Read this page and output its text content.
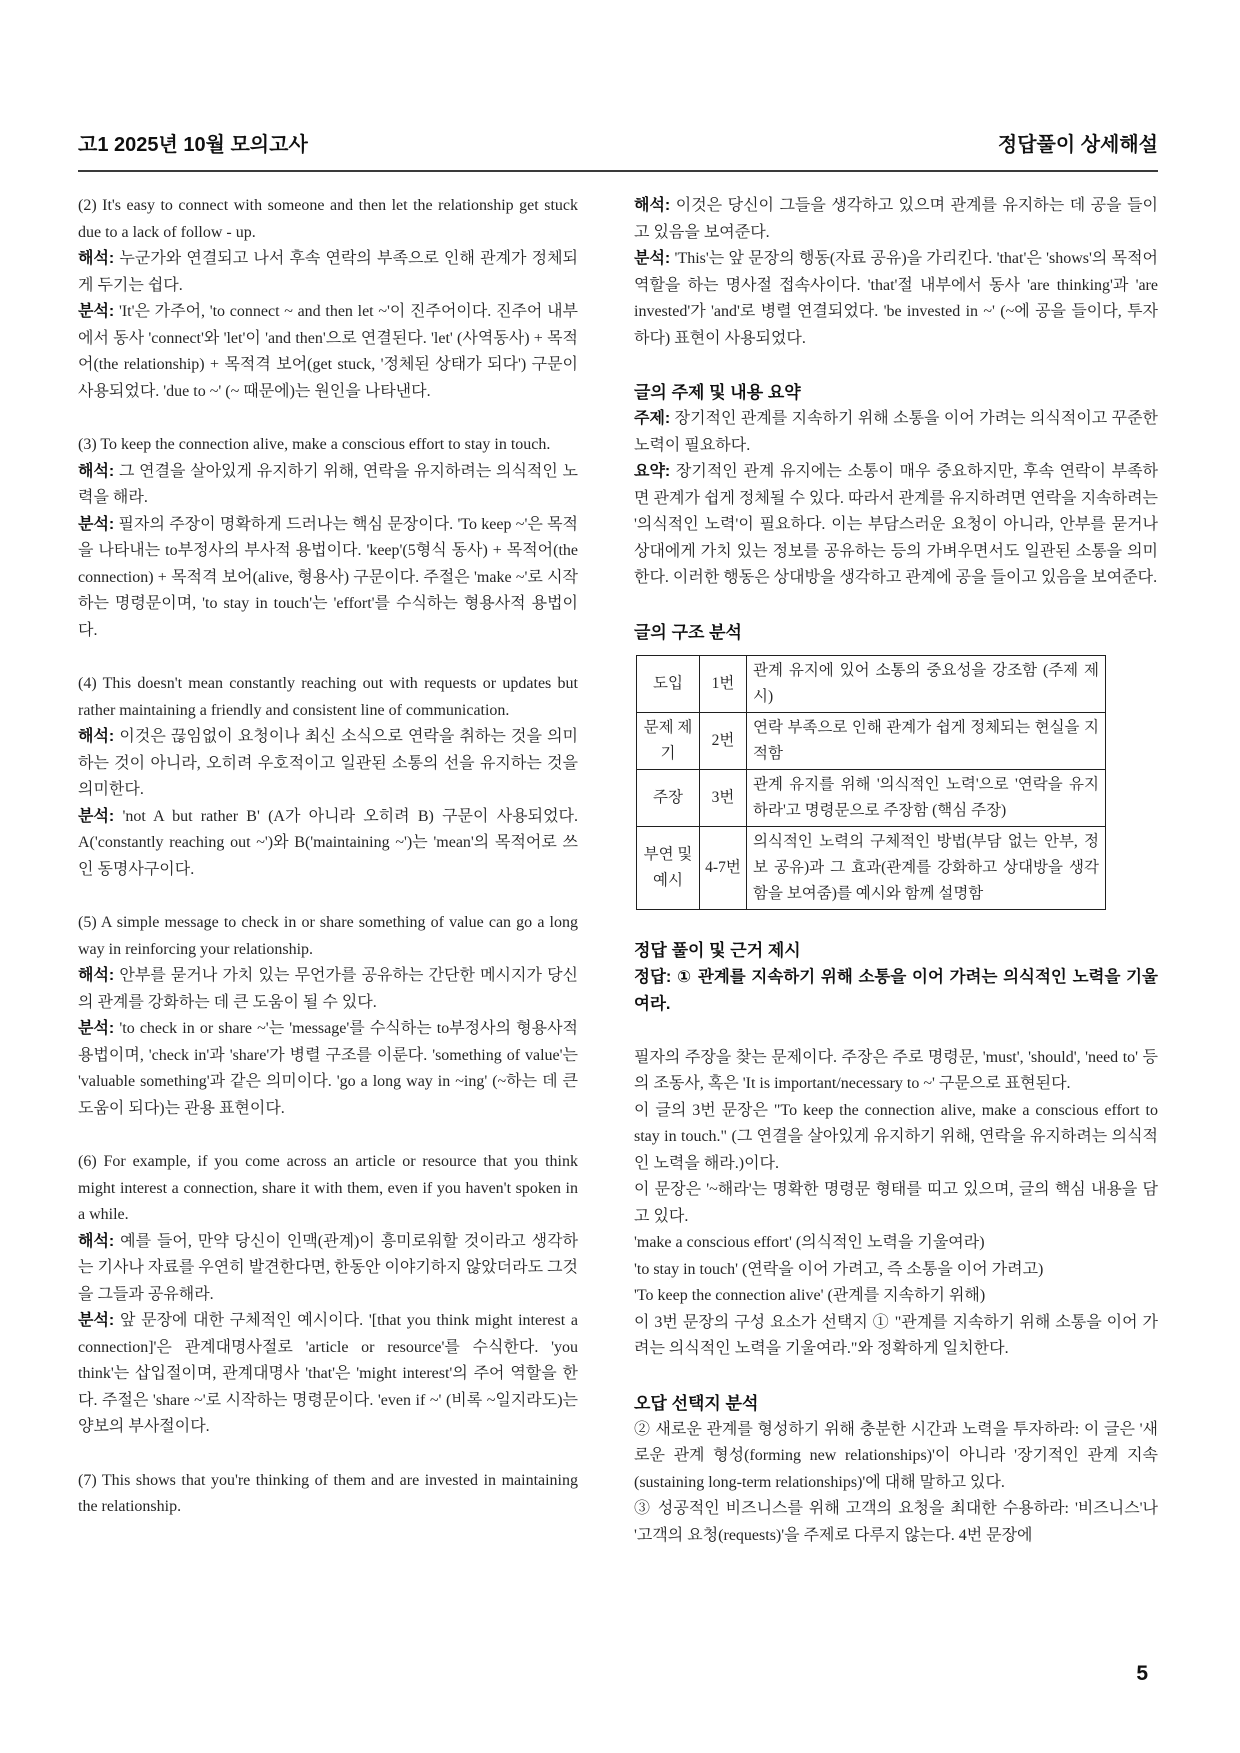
고1 2025년 10월 모의고사	정답풀이 상세해설

(2) It's easy to connect with someone and then let the relationship get stuck due to a lack of follow - up.

해석: 누군가와 연결되고 나서 후속 연락의 부족으로 인해 관계가 정체되게 두기는 쉽다.

분석: 'It'은 가주어, 'to connect ~ and then let ~'이 진주어이다. 진주어 내부에서 동사 'connect'와 'let'이 'and then'으로 연결된다. 'let' (사역동사) + 목적어(the relationship) + 목적격 보어(get stuck, '정체된 상태가 되다') 구문이 사용되었다. 'due to ~' (~ 때문에)는 원인을 나타낸다.

(3) To keep the connection alive, make a conscious effort to stay in touch.

해석: 그 연결을 살아있게 유지하기 위해, 연락을 유지하려는 의식적인 노력을 해라.

분석: 필자의 주장이 명확하게 드러나는 핵심 문장이다. 'To keep ~'은 목적을 나타내는 to부정사의 부사적 용법이다. 'keep'(5형식 동사) + 목적어(the connection) + 목적격 보어(alive, 형용사) 구문이다. 주절은 'make ~'로 시작하는 명령문이며, 'to stay in touch'는 'effort'를 수식하는 형용사적 용법이다.

(4) This doesn't mean constantly reaching out with requests or updates but rather maintaining a friendly and consistent line of communication.

해석: 이것은 끊임없이 요청이나 최신 소식으로 연락을 취하는 것을 의미하는 것이 아니라, 오히려 우호적이고 일관된 소통의 선을 유지하는 것을 의미한다.

분석: 'not A but rather B' (A가 아니라 오히려 B) 구문이 사용되었다. A('constantly reaching out ~')와 B('maintaining ~')는 'mean'의 목적어로 쓰인 동명사구이다.

(5) A simple message to check in or share something of value can go a long way in reinforcing your relationship.

해석: 안부를 묻거나 가치 있는 무언가를 공유하는 간단한 메시지가 당신의 관계를 강화하는 데 큰 도움이 될 수 있다.

분석: 'to check in or share ~'는 'message'를 수식하는 to부정사의 형용사적 용법이며, 'check in'과 'share'가 병렬 구조를 이룬다. 'something of value'는 'valuable something'과 같은 의미이다. 'go a long way in ~ing' (~하는 데 큰 도움이 되다)는 관용 표현이다.

(6) For example, if you come across an article or resource that you think might interest a connection, share it with them, even if you haven't spoken in a while.

해석: 예를 들어, 만약 당신이 인맥(관계)이 흥미로워할 것이라고 생각하는 기사나 자료를 우연히 발견한다면, 한동안 이야기하지 않았더라도 그것을 그들과 공유해라.

분석: 앞 문장에 대한 구체적인 예시이다. '[that you think might interest a connection]'은 관계대명사절로 'article or resource'를 수식한다. 'you think'는 삽입절이며, 관계대명사 'that'은 'might interest'의 주어 역할을 한다. 주절은 'share ~'로 시작하는 명령문이다. 'even if ~' (비록 ~일지라도)는 양보의 부사절이다.

(7) This shows that you're thinking of them and are invested in maintaining the relationship.

해석: 이것은 당신이 그들을 생각하고 있으며 관계를 유지하는 데 공을 들이고 있음을 보여준다.

분석: 'This'는 앞 문장의 행동(자료 공유)을 가리킨다. 'that'은 'shows'의 목적어 역할을 하는 명사절 접속사이다. 'that'절 내부에서 동사 'are thinking'과 'are invested'가 'and'로 병렬 연결되었다. 'be invested in ~' (~에 공을 들이다, 투자하다) 표현이 사용되었다.

글의 주제 및 내용 요약

주제: 장기적인 관계를 지속하기 위해 소통을 이어 가려는 의식적이고 꾸준한 노력이 필요하다.

요약: 장기적인 관계 유지에는 소통이 매우 중요하지만, 후속 연락이 부족하면 관계가 쉽게 정체될 수 있다. 따라서 관계를 유지하려면 연락을 지속하려는 '의식적인 노력'이 필요하다. 이는 부담스러운 요청이 아니라, 안부를 묻거나 상대에게 가치 있는 정보를 공유하는 등의 가벼우면서도 일관된 소통을 의미한다. 이러한 행동은 상대방을 생각하고 관계에 공을 들이고 있음을 보여준다.

글의 구조 분석
도입	1번	관계 유지에 있어 소통의 중요성을 강조함 (주제 제시)
문제 제기	2번	연락 부족으로 인해 관계가 쉽게 정체되는 현실을 지적함
주장	3번	관계 유지를 위해 '의식적인 노력'으로 '연락을 유지하라'고 명령문으로 주장함 (핵심 주장)
부연 및 예시	4-7번	의식적인 노력의 구체적인 방법(부담 없는 안부, 정보 공유)과 그 효과(관계를 강화하고 상대방을 생각함을 보여줌)를 예시와 함께 설명함
정답 풀이 및 근거 제시

정답: ① 관계를 지속하기 위해 소통을 이어 가려는 의식적인 노력을 기울여라.

필자의 주장을 찾는 문제이다. 주장은 주로 명령문, 'must', 'should', 'need to' 등의 조동사, 혹은 'It is important/necessary to ~' 구문으로 표현된다.

이 글의 3번 문장은 "To keep the connection alive, make a conscious effort to stay in touch." (그 연결을 살아있게 유지하기 위해, 연락을 유지하려는 의식적인 노력을 해라.)이다.

이 문장은 '~해라'는 명확한 명령문 형태를 띠고 있으며, 글의 핵심 내용을 담고 있다.

'make a conscious effort' (의식적인 노력을 기울여라)

'to stay in touch' (연락을 이어 가려고, 즉 소통을 이어 가려고)

'To keep the connection alive' (관계를 지속하기 위해)

이 3번 문장의 구성 요소가 선택지 ① "관계를 지속하기 위해 소통을 이어 가려는 의식적인 노력을 기울여라."와 정확하게 일치한다.

오답 선택지 분석

② 새로운 관계를 형성하기 위해 충분한 시간과 노력을 투자하라: 이 글은 '새로운 관계 형성(forming new relationships)'이 아니라 '장기적인 관계 지속(sustaining long-term relationships)'에 대해 말하고 있다.

③ 성공적인 비즈니스를 위해 고객의 요청을 최대한 수용하라: '비즈니스'나 '고객의 요청(requests)'을 주제로 다루지 않는다. 4번 문장에

5
